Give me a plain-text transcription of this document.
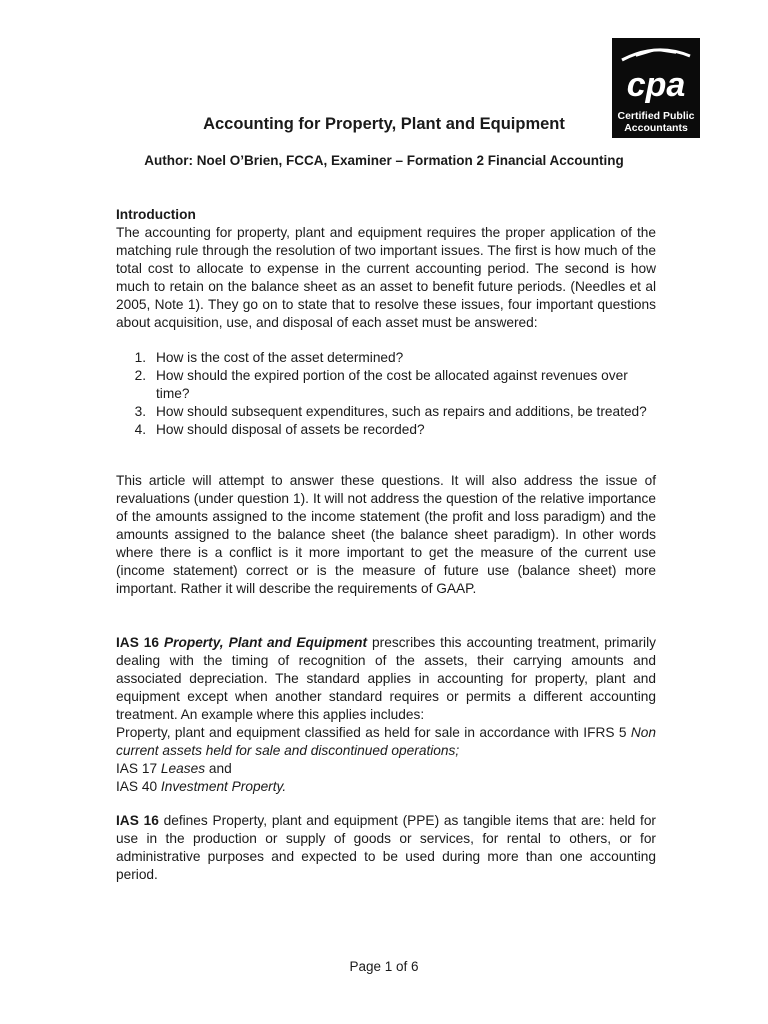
cpa
Certified Public
Accountants
Accounting for Property, Plant and Equipment

Author: Noel O’Brien, FCCA, Examiner – Formation 2 Financial Accounting

Introduction

The accounting for property, plant and equipment requires the proper application of the matching rule through the resolution of two important issues. The first is how much of the total cost to allocate to expense in the current accounting period. The second is how much to retain on the balance sheet as an asset to benefit future periods. (Needles et al 2005, Note 1). They go on to state that to resolve these issues, four important questions about acquisition, use, and disposal of each asset must be answered:

1. How is the cost of the asset determined?
2. How should the expired portion of the cost be allocated against revenues over time?
3. How should subsequent expenditures, such as repairs and additions, be treated?
4. How should disposal of assets be recorded?

This article will attempt to answer these questions. It will also address the issue of revaluations (under question 1). It will not address the question of the relative importance of the amounts assigned to the income statement (the profit and loss paradigm) and the amounts assigned to the balance sheet (the balance sheet paradigm). In other words where there is a conflict is it more important to get the measure of the current use (income statement) correct or is the measure of future use (balance sheet) more important. Rather it will describe the requirements of GAAP.

IAS 16 Property, Plant and Equipment prescribes this accounting treatment, primarily dealing with the timing of recognition of the assets, their carrying amounts and associated depreciation. The standard applies in accounting for property, plant and equipment except when another standard requires or permits a different accounting treatment. An example where this applies includes:
Property, plant and equipment classified as held for sale in accordance with IFRS 5 Non current assets held for sale and discontinued operations;
IAS 17 Leases and
IAS 40 Investment Property.

IAS 16 defines Property, plant and equipment (PPE) as tangible items that are: held for use in the production or supply of goods or services, for rental to others, or for administrative purposes and expected to be used during more than one accounting period.

Page 1 of 6
